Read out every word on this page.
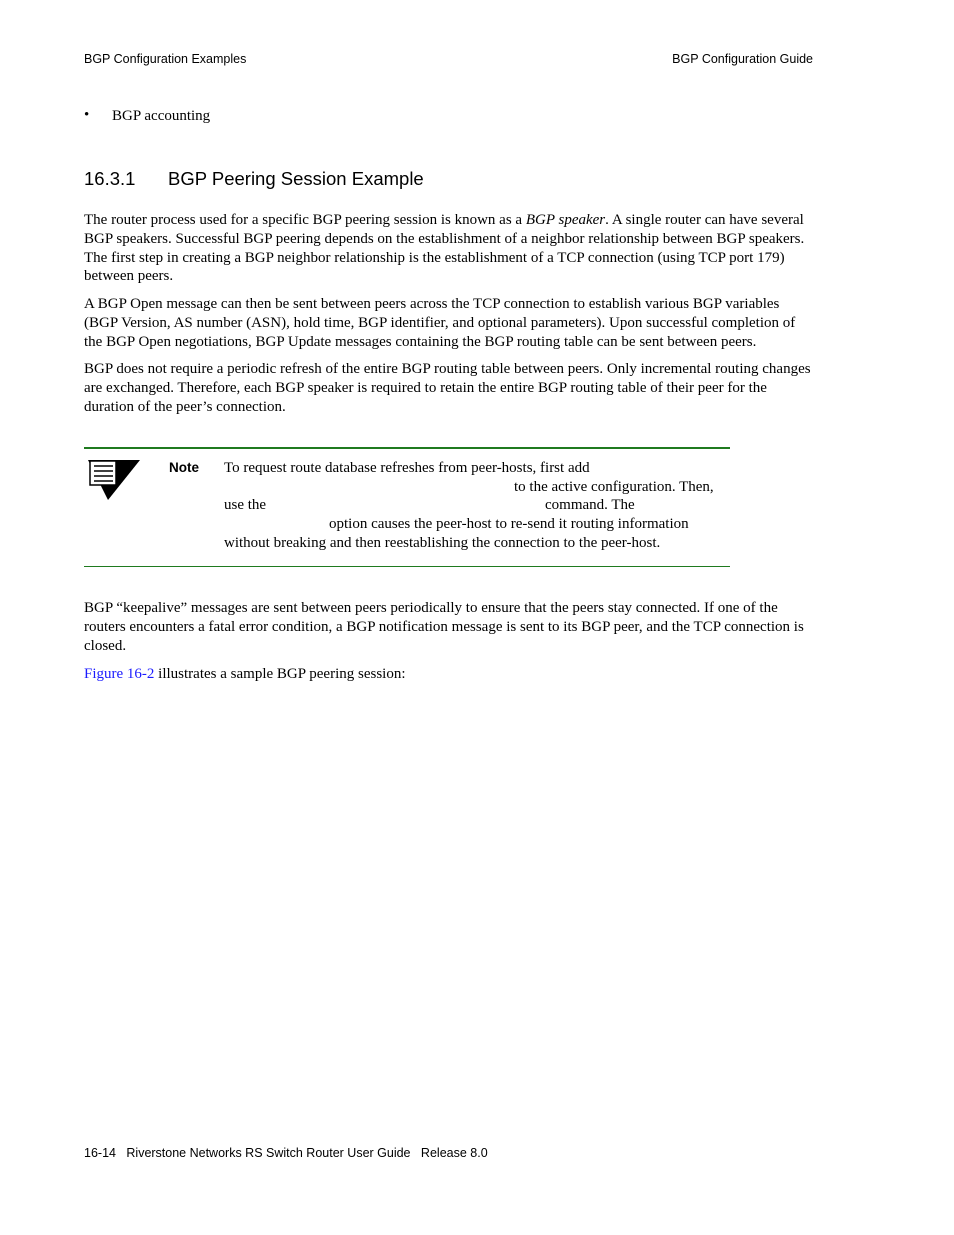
BGP Configuration Examples	BGP Configuration Guide
• BGP accounting
16.3.1 BGP Peering Session Example

The router process used for a specific BGP peering session is known as a BGP speaker. A single router can have several BGP speakers. Successful BGP peering depends on the establishment of a neighbor relationship between BGP speakers. The first step in creating a BGP neighbor relationship is the establishment of a TCP connection (using TCP port 179) between peers.

A BGP Open message can then be sent between peers across the TCP connection to establish various BGP variables (BGP Version, AS number (ASN), hold time, BGP identifier, and optional parameters). Upon successful completion of the BGP Open negotiations, BGP Update messages containing the BGP routing table can be sent between peers.

BGP does not require a periodic refresh of the entire BGP routing table between peers. Only incremental routing changes are exchanged. Therefore, each BGP speaker is required to retain the entire BGP routing table of their peer for the duration of the peer’s connection.

Note To request route database refreshes from peer-hosts, first add
to the active configuration. Then,
use the	command. The
option causes the peer-host to re-send it routing information
without breaking and then reestablishing the connection to the peer-host.

BGP “keepalive” messages are sent between peers periodically to ensure that the peers stay connected. If one of the routers encounters a fatal error condition, a BGP notification message is sent to its BGP peer, and the TCP connection is closed.

Figure 16-2 illustrates a sample BGP peering session:

16-14   Riverstone Networks RS Switch Router User Guide   Release 8.0
